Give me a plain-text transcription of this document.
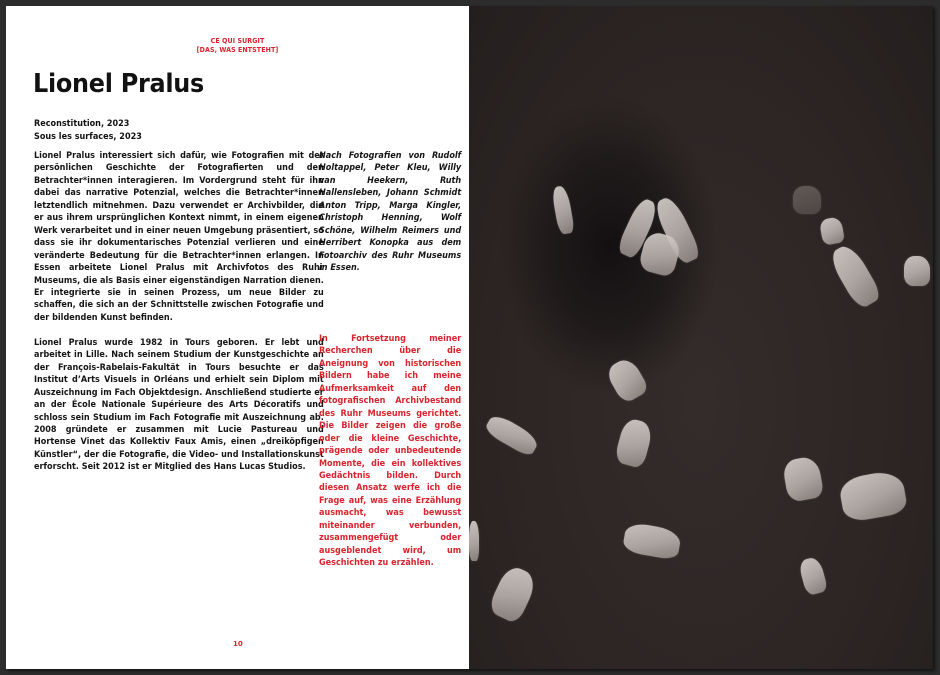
CE QUI SURGIT
[DAS, WAS ENTSTEHT]
Lionel Pralus
Reconstitution, 2023
Sous les surfaces, 2023

Lionel Pralus interessiert sich dafür, wie Fotografien mit der persönlichen Geschichte der Fotografierten und den Betrachter*innen interagieren. Im Vordergrund steht für ihn dabei das narrative Potenzial, welches die Betrachter*innen letztendlich mitnehmen. Dazu verwendet er Archivbilder, die er aus ihrem ursprünglichen Kontext nimmt, in einem eigenen Werk verarbeitet und in einer neuen Umgebung präsentiert, so dass sie ihr dokumentarisches Potenzial verlieren und eine veränderte Bedeutung für die Betrachter*innen erlangen. In Essen arbeitete Lionel Pralus mit Archivfotos des Ruhr Museums, die als Basis einer eigenständigen Narration dienen. Er integrierte sie in seinen Prozess, um neue Bilder zu schaffen, die sich an der Schnittstelle zwischen Fotografie und der bildenden Kunst befinden.

Lionel Pralus wurde 1982 in Tours geboren. Er lebt und arbeitet in Lille. Nach seinem Studium der Kunstgeschichte an der François-Rabelais-Fakultät in Tours besuchte er das Institut d’Arts Visuels in Orléans und erhielt sein Diplom mit Auszeichnung im Fach Objektdesign. Anschließend studierte er an der École Nationale Supérieure des Arts Décoratifs und schloss sein Studium im Fach Fotografie mit Auszeichnung ab. 2008 gründete er zusammen mit Lucie Pastureau und Hortense Vinet das Kollektiv Faux Amis, einen „dreiköpfigen Künstler“, der die Fotografie, die Video- und Installationskunst erforscht. Seit 2012 ist er Mitglied des Hans Lucas Studios.

Nach Fotografien von Rudolf Holtappel, Peter Kleu, Willy van Heekern, Ruth Hallensleben, Johann Schmidt Anton Tripp, Marga Kingler, Christoph Henning, Wolf Schöne, Wilhelm Reimers und Herribert Konopka aus dem Fotoarchiv des Ruhr Museums in Essen.

In Fortsetzung meiner Recherchen über die Aneignung von historischen Bildern habe ich meine Aufmerksamkeit auf den fotografischen Archivbestand des Ruhr Museums gerichtet. Die Bilder zeigen die große oder die kleine Geschichte, prägende oder unbedeutende Momente, die ein kollektives Gedächtnis bilden. Durch diesen Ansatz werfe ich die Frage auf, was eine Erzählung ausmacht, was bewusst miteinander verbunden, zusammengefügt oder ausgeblendet wird, um Geschichten zu erzählen.

10
